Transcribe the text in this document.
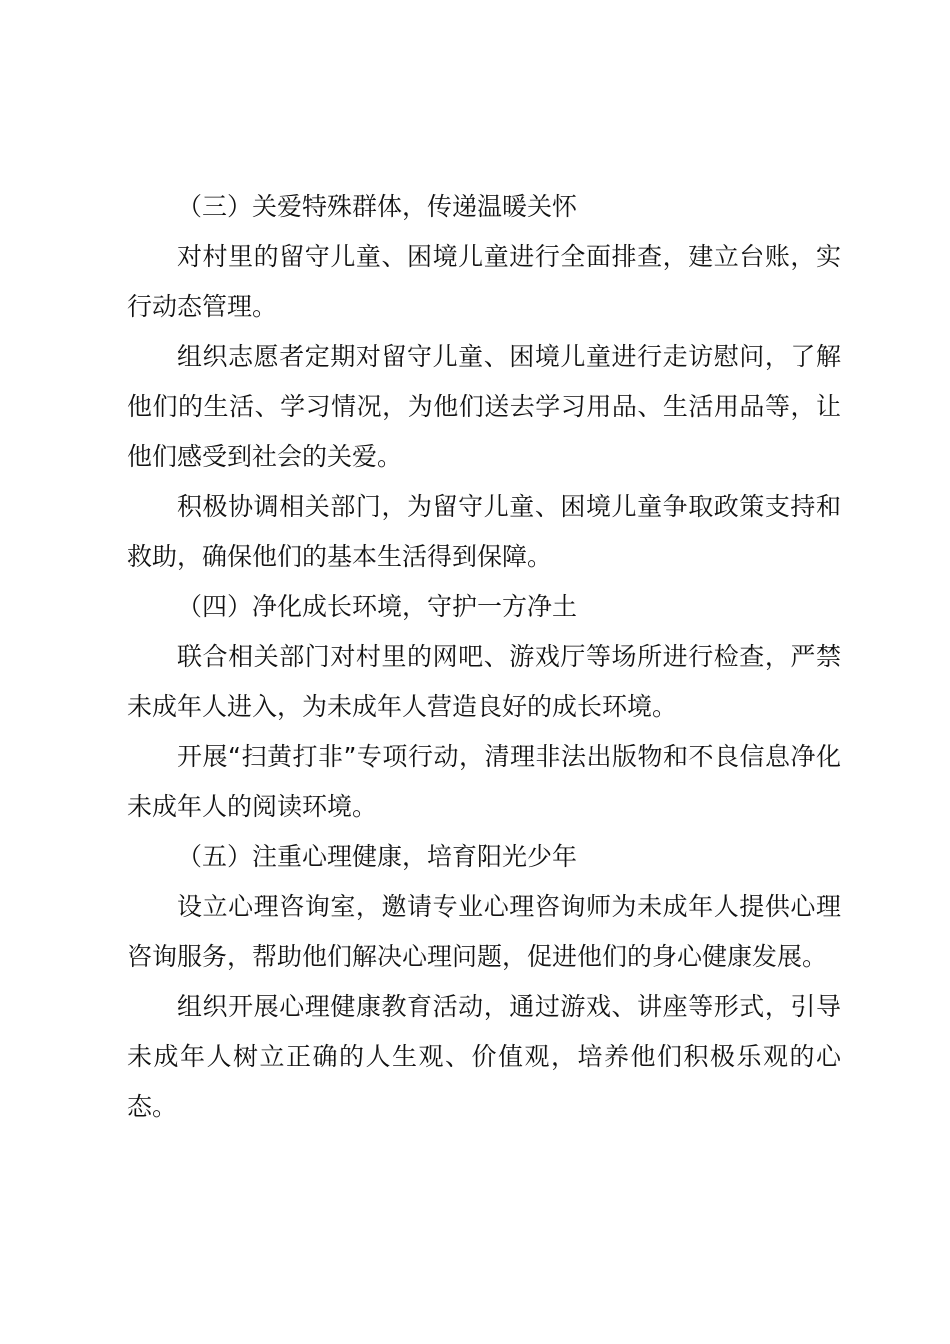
（三）关爱特殊群体，传递温暖关怀

对村里的留守儿童、困境儿童进行全面排查，建立台账，实行动态管理。

组织志愿者定期对留守儿童、困境儿童进行走访慰问，了解他们的生活、学习情况，为他们送去学习用品、生活用品等，让他们感受到社会的关爱。

积极协调相关部门，为留守儿童、困境儿童争取政策支持和救助，确保他们的基本生活得到保障。

（四）净化成长环境，守护一方净土

联合相关部门对村里的网吧、游戏厅等场所进行检查，严禁未成年人进入，为未成年人营造良好的成长环境。

开展“扫黄打非”专项行动，清理非法出版物和不良信息净化未成年人的阅读环境。

（五）注重心理健康，培育阳光少年

设立心理咨询室，邀请专业心理咨询师为未成年人提供心理咨询服务，帮助他们解决心理问题，促进他们的身心健康发展。

组织开展心理健康教育活动，通过游戏、讲座等形式，引导未成年人树立正确的人生观、价值观，培养他们积极乐观的心态。
